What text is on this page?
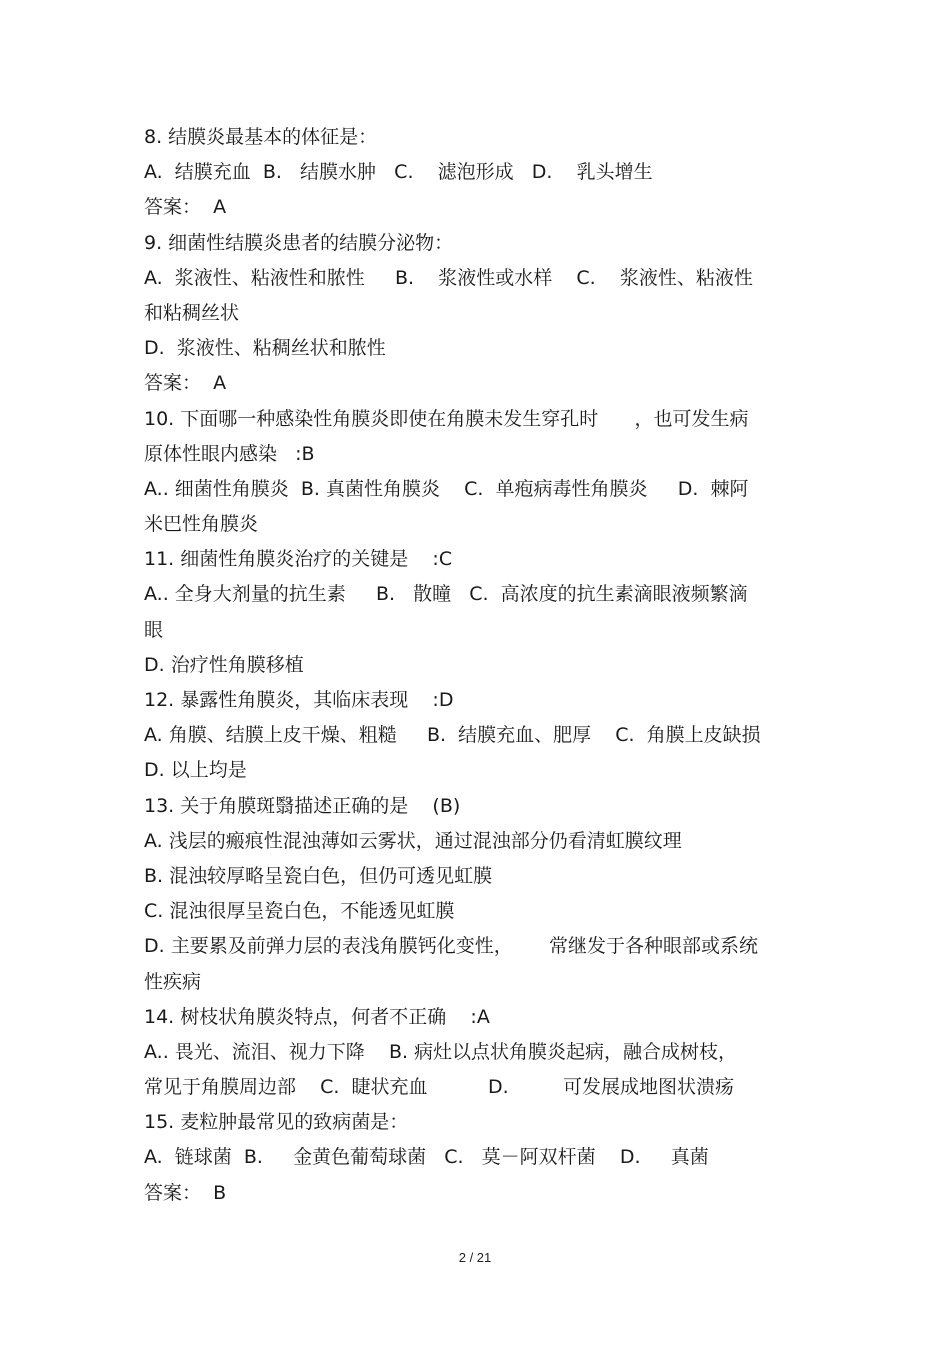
8. 结膜炎最基本的体征是：
A.  结膜充血  B.   结膜水肿   C.    滤泡形成   D.    乳头增生
答案：  A
9. 细菌性结膜炎患者的结膜分泌物：
A.  浆液性、粘液性和脓性     B.    浆液性或水样    C.    浆液性、粘液性
和粘稠丝状
D.  浆液性、粘稠丝状和脓性
答案：  A
10. 下面哪一种感染性角膜炎即使在角膜未发生穿孔时      ，也可发生病
原体性眼内感染   :B
A.. 细菌性角膜炎  B. 真菌性角膜炎    C.  单疱病毒性角膜炎     D.  棘阿
米巴性角膜炎
11. 细菌性角膜炎治疗的关键是    :C
A.. 全身大剂量的抗生素     B.   散瞳   C.  高浓度的抗生素滴眼液频繁滴
眼
D. 治疗性角膜移植
12. 暴露性角膜炎，其临床表现    :D
A. 角膜、结膜上皮干燥、粗糙     B.  结膜充血、肥厚    C.  角膜上皮缺损
D. 以上均是
13. 关于角膜斑翳描述正确的是    (B)
A. 浅层的瘢痕性混浊薄如云雾状，通过混浊部分仍看清虹膜纹理
B. 混浊较厚略呈瓷白色，但仍可透见虹膜
C. 混浊很厚呈瓷白色，不能透见虹膜
D. 主要累及前弹力层的表浅角膜钙化变性，      常继发于各种眼部或系统
性疾病
14. 树枝状角膜炎特点，何者不正确    :A
A.. 畏光、流泪、视力下降    B. 病灶以点状角膜炎起病，融合成树枝，
常见于角膜周边部    C.  睫状充血          D.         可发展成地图状溃疡
15. 麦粒肿最常见的致病菌是：
A.  链球菌  B.     金黄色葡萄球菌   C.   莫－阿双杆菌    D.     真菌
答案：  B
2 / 21
